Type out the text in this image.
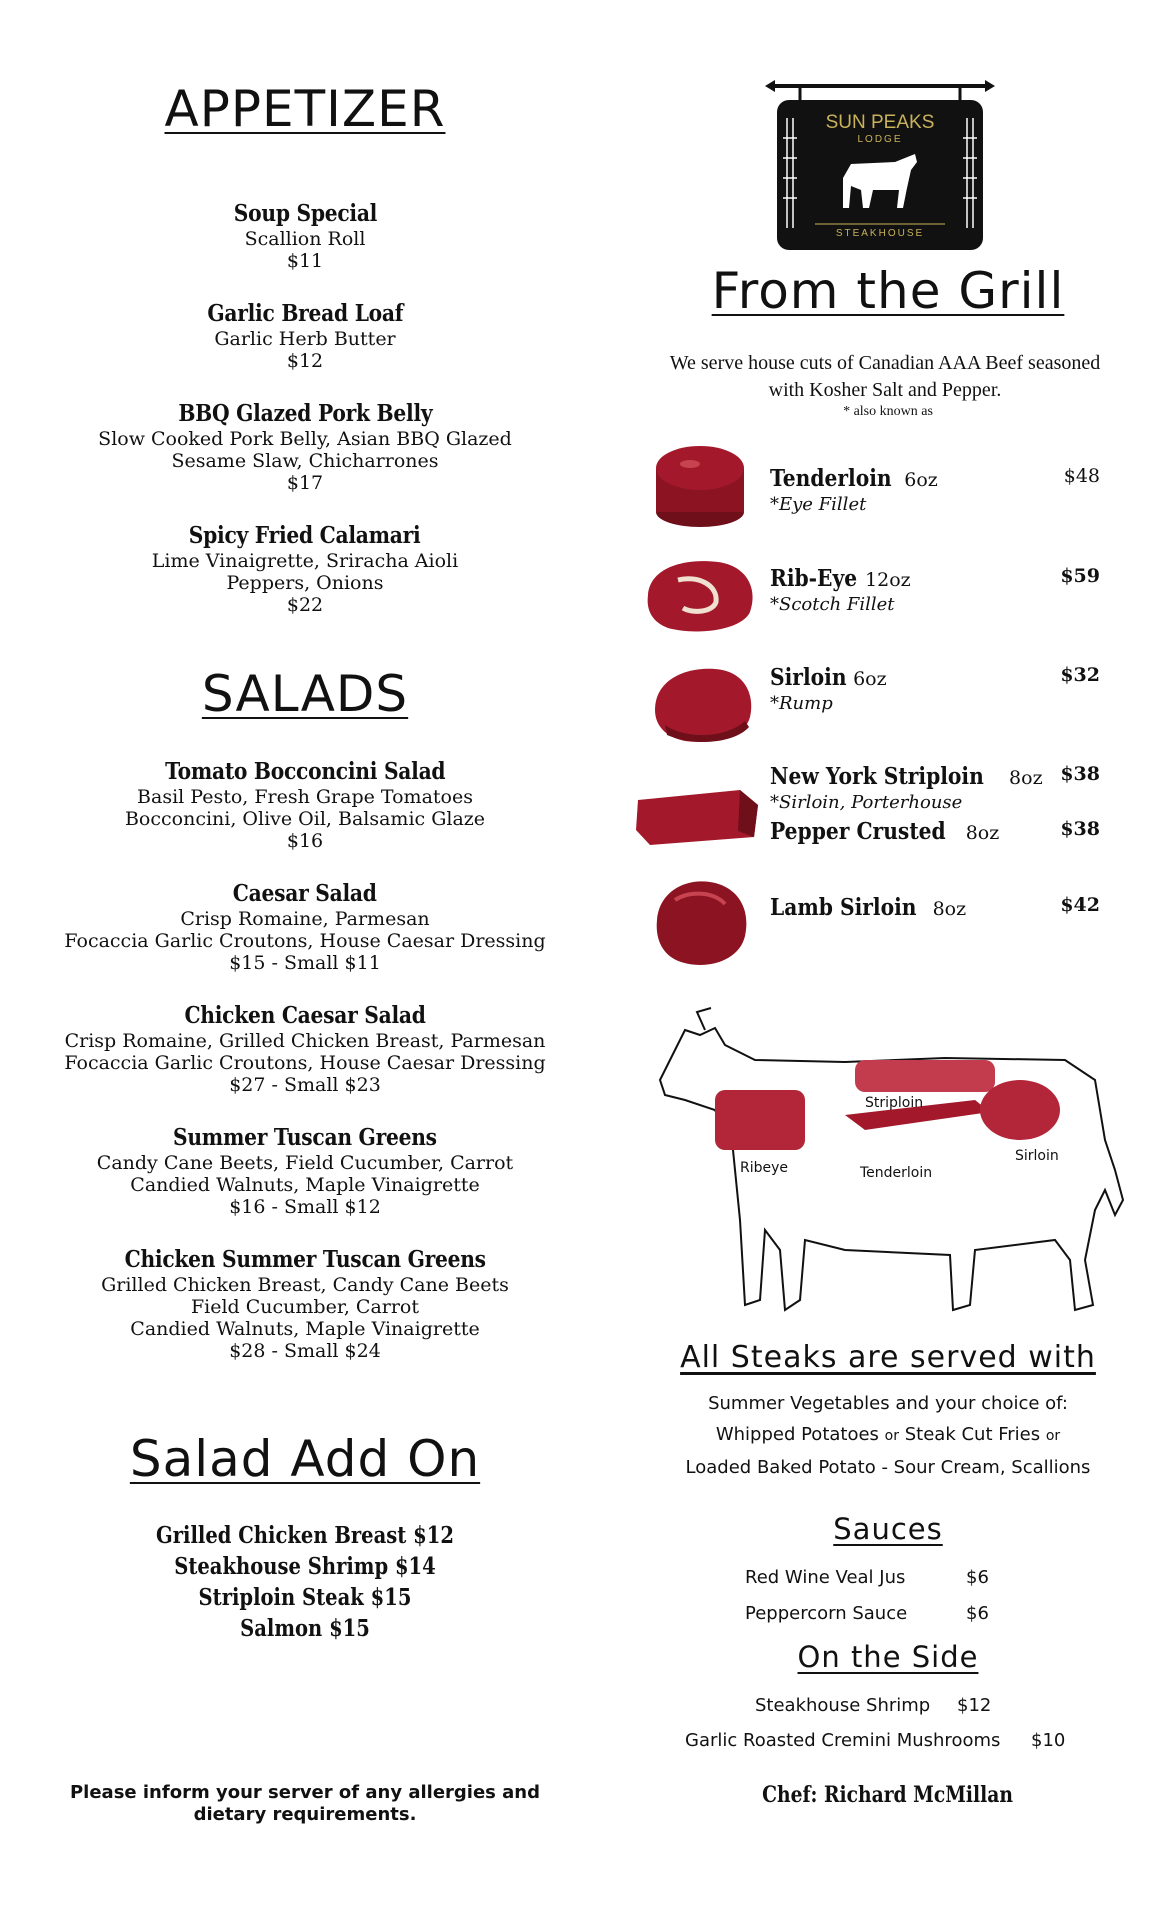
APPETIZER
Soup Special
Scallion Roll
$11
Garlic Bread Loaf
Garlic Herb Butter
$12
BBQ Glazed Pork Belly
Slow Cooked Pork Belly, Asian BBQ Glazed
Sesame Slaw, Chicharrones
$17
Spicy Fried Calamari
Lime Vinaigrette, Sriracha Aioli
Peppers, Onions
$22
SALADS
Tomato Bocconcini Salad
Basil Pesto, Fresh Grape Tomatoes
Bocconcini, Olive Oil, Balsamic Glaze
$16
Caesar Salad
Crisp Romaine, Parmesan
Focaccia Garlic Croutons, House Caesar Dressing
$15 - Small $11
Chicken Caesar Salad
Crisp Romaine, Grilled Chicken Breast, Parmesan
Focaccia Garlic Croutons, House Caesar Dressing
$27 - Small $23
Summer Tuscan Greens
Candy Cane Beets, Field Cucumber, Carrot
Candied Walnuts, Maple Vinaigrette
$16 - Small $12
Chicken Summer Tuscan Greens
Grilled Chicken Breast, Candy Cane Beets
Field Cucumber, Carrot
Candied Walnuts, Maple Vinaigrette
$28 - Small $24
Salad Add On
Grilled Chicken Breast $12
Steakhouse Shrimp $14
Striploin Steak $15
Salmon $15
Please inform your server of any allergies and dietary requirements.
SUN PEAKS
LODGE
STEAKHOUSE
From the Grill
We serve house cuts of Canadian AAA Beef seasoned with Kosher Salt and Pepper.
* also known as
Tenderloin 6oz	$48
*Eye Fillet
Rib-Eye 12oz	$59
*Scotch Fillet
Sirloin 6oz	$32
*Rump
New York Striploin 8oz $38
*Sirloin, Porterhouse
Pepper Crusted 8oz	$38
Lamb Sirloin 8oz	$42
Striploin
Ribeye	Tenderloin
Sirloin
All Steaks are served with
Summer Vegetables and your choice of:
Whipped Potatoes or Steak Cut Fries or
Loaded Baked Potato - Sour Cream, Scallions
Sauces
Red Wine Veal Jus	$6
Peppercorn Sauce	$6
On the Side
Steakhouse Shrimp $12
Garlic Roasted Cremini Mushrooms $10
Chef: Richard McMillan
